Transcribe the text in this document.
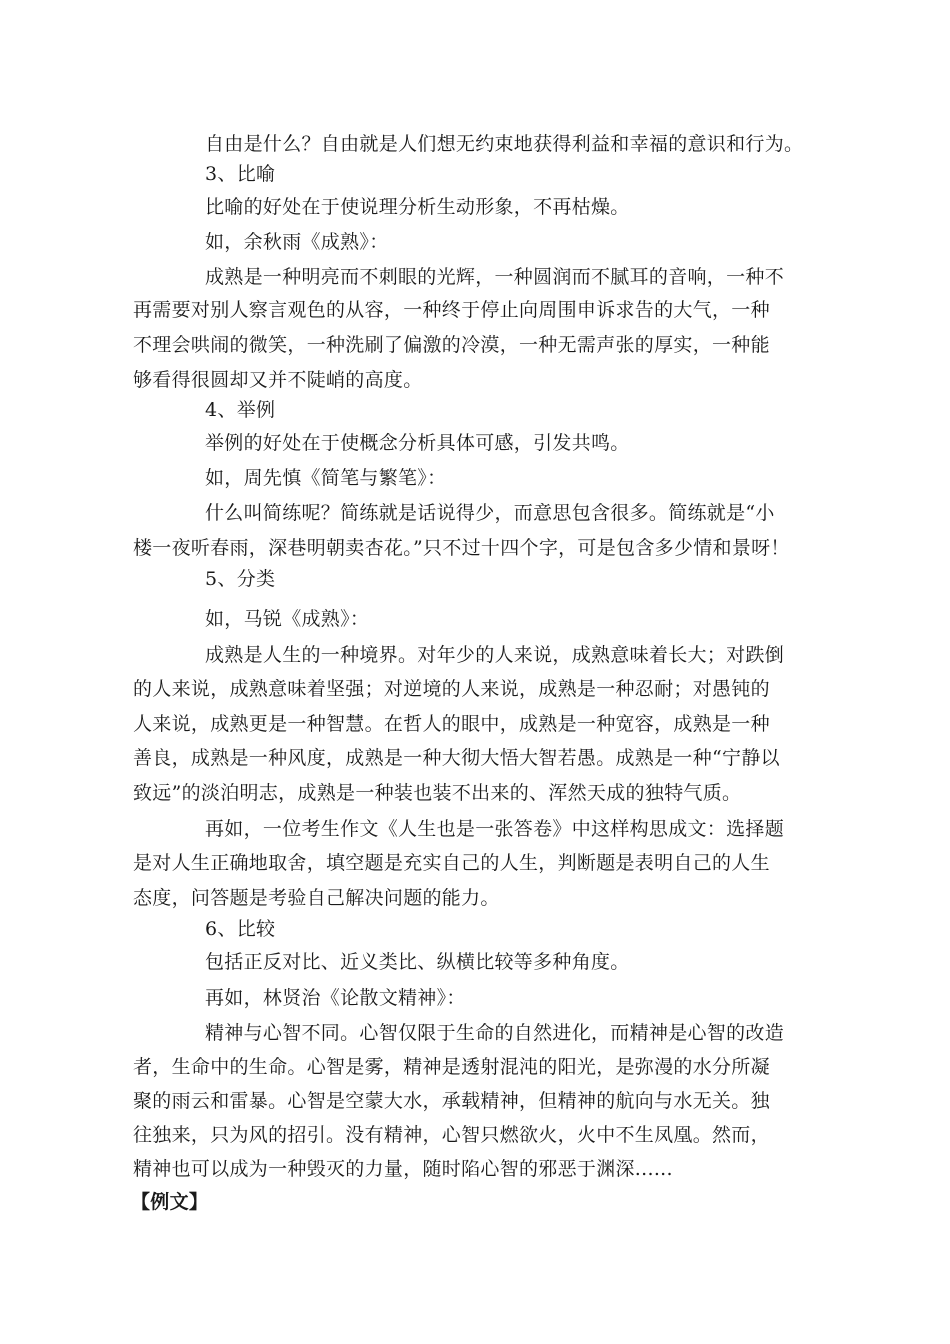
自由是什么？自由就是人们想无约束地获得利益和幸福的意识和行为。
3、比喻
比喻的好处在于使说理分析生动形象，不再枯燥。
如，余秋雨《成熟》：
成熟是一种明亮而不刺眼的光辉，一种圆润而不腻耳的音响，一种不
再需要对别人察言观色的从容，一种终于停止向周围申诉求告的大气，一种
不理会哄闹的微笑，一种洗刷了偏激的冷漠，一种无需声张的厚实，一种能
够看得很圆却又并不陡峭的高度。
4、举例
举例的好处在于使概念分析具体可感，引发共鸣。
如，周先慎《简笔与繁笔》：
什么叫简练呢？简练就是话说得少，而意思包含很多。简练就是“小
楼一夜听春雨，深巷明朝卖杏花。”只不过十四个字，可是包含多少情和景呀！
5、分类
如，马锐《成熟》：
成熟是人生的一种境界。对年少的人来说，成熟意味着长大；对跌倒
的人来说，成熟意味着坚强；对逆境的人来说，成熟是一种忍耐；对愚钝的
人来说，成熟更是一种智慧。在哲人的眼中，成熟是一种宽容，成熟是一种
善良，成熟是一种风度，成熟是一种大彻大悟大智若愚。成熟是一种“宁静以
致远”的淡泊明志，成熟是一种装也装不出来的、浑然天成的独特气质。
再如，一位考生作文《人生也是一张答卷》中这样构思成文：选择题
是对人生正确地取舍，填空题是充实自己的人生，判断题是表明自己的人生
态度，问答题是考验自己解决问题的能力。
6、比较
包括正反对比、近义类比、纵横比较等多种角度。
再如，林贤治《论散文精神》：
精神与心智不同。心智仅限于生命的自然进化，而精神是心智的改造
者，生命中的生命。心智是雾，精神是透射混沌的阳光，是弥漫的水分所凝
聚的雨云和雷暴。心智是空蒙大水，承载精神，但精神的航向与水无关。独
往独来，只为风的招引。没有精神，心智只燃欲火，火中不生凤凰。然而，
精神也可以成为一种毁灭的力量，随时陷心智的邪恶于渊深......
【例文】
